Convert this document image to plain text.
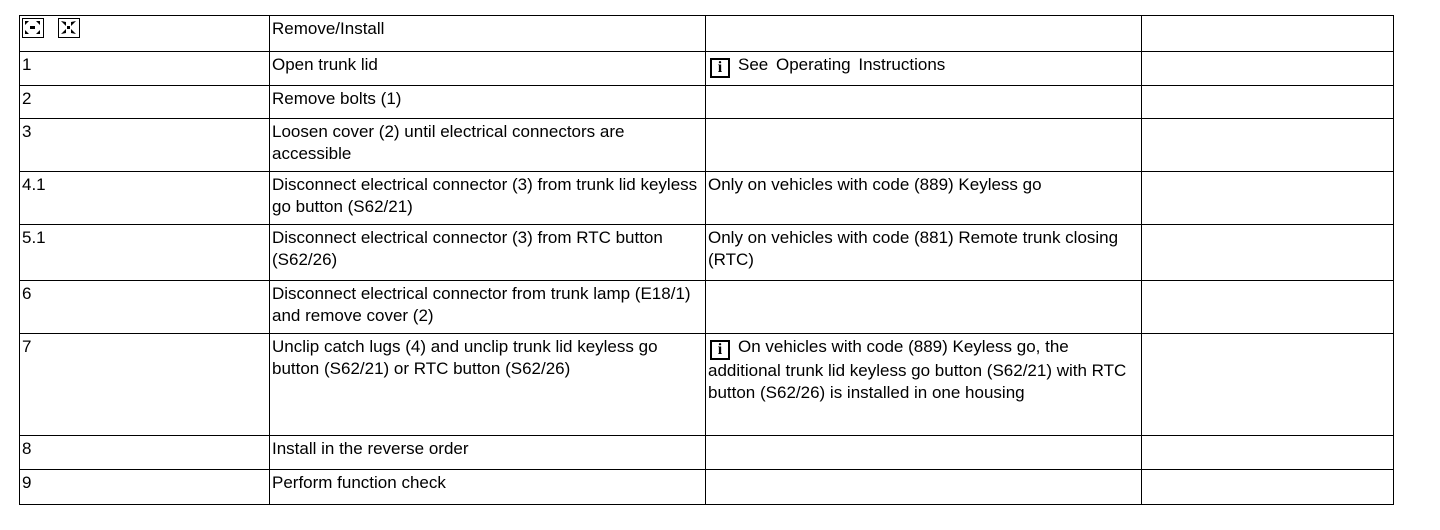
	Remove/Install		
1	Open trunk lid	i See Operating Instructions	
2	Remove bolts (1)		
3	Loosen cover (2) until electrical connectors are accessible		
4.1	Disconnect electrical connector (3) from trunk lid keyless go button (S62/21)	Only on vehicles with code (889) Keyless go	
5.1	Disconnect electrical connector (3) from RTC button (S62/26)	Only on vehicles with code (881) Remote trunk closing (RTC)	
6	Disconnect electrical connector from trunk lamp (E18/1) and remove cover (2)		
7	Unclip catch lugs (4) and unclip trunk lid keyless go button (S62/21) or RTC button (S62/26)	i On vehicles with code (889) Keyless go, the additional trunk lid keyless go button (S62/21) with RTC button (S62/26) is installed in one housing	
8	Install in the reverse order		
9	Perform function check		
